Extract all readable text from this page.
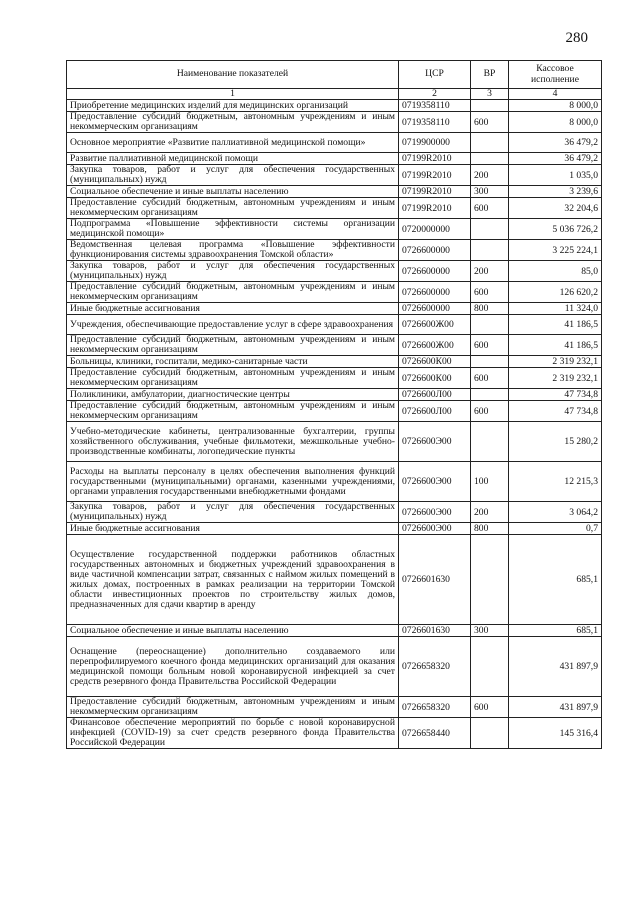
280
Наименование показателей	ЦСР	ВР	Кассовое исполнение
1	2	3	4
Приобретение медицинских изделий для медицинских организаций	0719358110		8 000,0
Предоставление субсидий бюджетным, автономным учреждениям и иным некоммерческим организациям	0719358110	600	8 000,0
Основное мероприятие «Развитие паллиативной медицинской помощи»	0719900000		36 479,2
Развитие паллиативной медицинской помощи	07199R2010		36 479,2
Закупка товаров, работ и услуг для обеспечения государственных (муниципальных) нужд	07199R2010	200	1 035,0
Социальное обеспечение и иные выплаты населению	07199R2010	300	3 239,6
Предоставление субсидий бюджетным, автономным учреждениям и иным некоммерческим организациям	07199R2010	600	32 204,6
Подпрограмма «Повышение эффективности системы организации медицинской помощи»	0720000000		5 036 726,2
Ведомственная целевая программа «Повышение эффективности функционирования системы здравоохранения Томской области»	0726600000		3 225 224,1
Закупка товаров, работ и услуг для обеспечения государственных (муниципальных) нужд	0726600000	200	85,0
Предоставление субсидий бюджетным, автономным учреждениям и иным некоммерческим организациям	0726600000	600	126 620,2
Иные бюджетные ассигнования	0726600000	800	11 324,0
Учреждения, обеспечивающие предоставление услуг в сфере здравоохранения	0726600Ж00		41 186,5
Предоставление субсидий бюджетным, автономным учреждениям и иным некоммерческим организациям	0726600Ж00	600	41 186,5
Больницы, клиники, госпитали, медико-санитарные части	0726600К00		2 319 232,1
Предоставление субсидий бюджетным, автономным учреждениям и иным некоммерческим организациям	0726600К00	600	2 319 232,1
Поликлиники, амбулатории, диагностические центры	0726600Л00		47 734,8
Предоставление субсидий бюджетным, автономным учреждениям и иным некоммерческим организациям	0726600Л00	600	47 734,8
Учебно-методические кабинеты, централизованные бухгалтерии, группы хозяйственного обслуживания, учебные фильмотеки, межшкольные учебно-производственные комбинаты, логопедические пункты	0726600Э00		15 280,2
Расходы на выплаты персоналу в целях обеспечения выполнения функций государственными (муниципальными) органами, казенными учреждениями, органами управления государственными внебюджетными фондами	0726600Э00	100	12 215,3
Закупка товаров, работ и услуг для обеспечения государственных (муниципальных) нужд	0726600Э00	200	3 064,2
Иные бюджетные ассигнования	0726600Э00	800	0,7
Осуществление государственной поддержки работников областных государственных автономных и бюджетных учреждений здравоохранения в виде частичной компенсации затрат, связанных с наймом жилых помещений в жилых домах, построенных в рамках реализации на территории Томской области инвестиционных проектов по строительству жилых домов, предназначенных для сдачи квартир в аренду	0726601630		685,1
Социальное обеспечение и иные выплаты населению	0726601630	300	685,1
Оснащение (переоснащение) дополнительно создаваемого или перепрофилируемого коечного фонда медицинских организаций для оказания медицинской помощи больным новой коронавирусной инфекцией за счет средств резервного фонда Правительства Российской Федерации	0726658320		431 897,9
Предоставление субсидий бюджетным, автономным учреждениям и иным некоммерческим организациям	0726658320	600	431 897,9
Финансовое обеспечение мероприятий по борьбе с новой коронавирусной инфекцией (COVID-19) за счет средств резервного фонда Правительства Российской Федерации	0726658440		145 316,4
